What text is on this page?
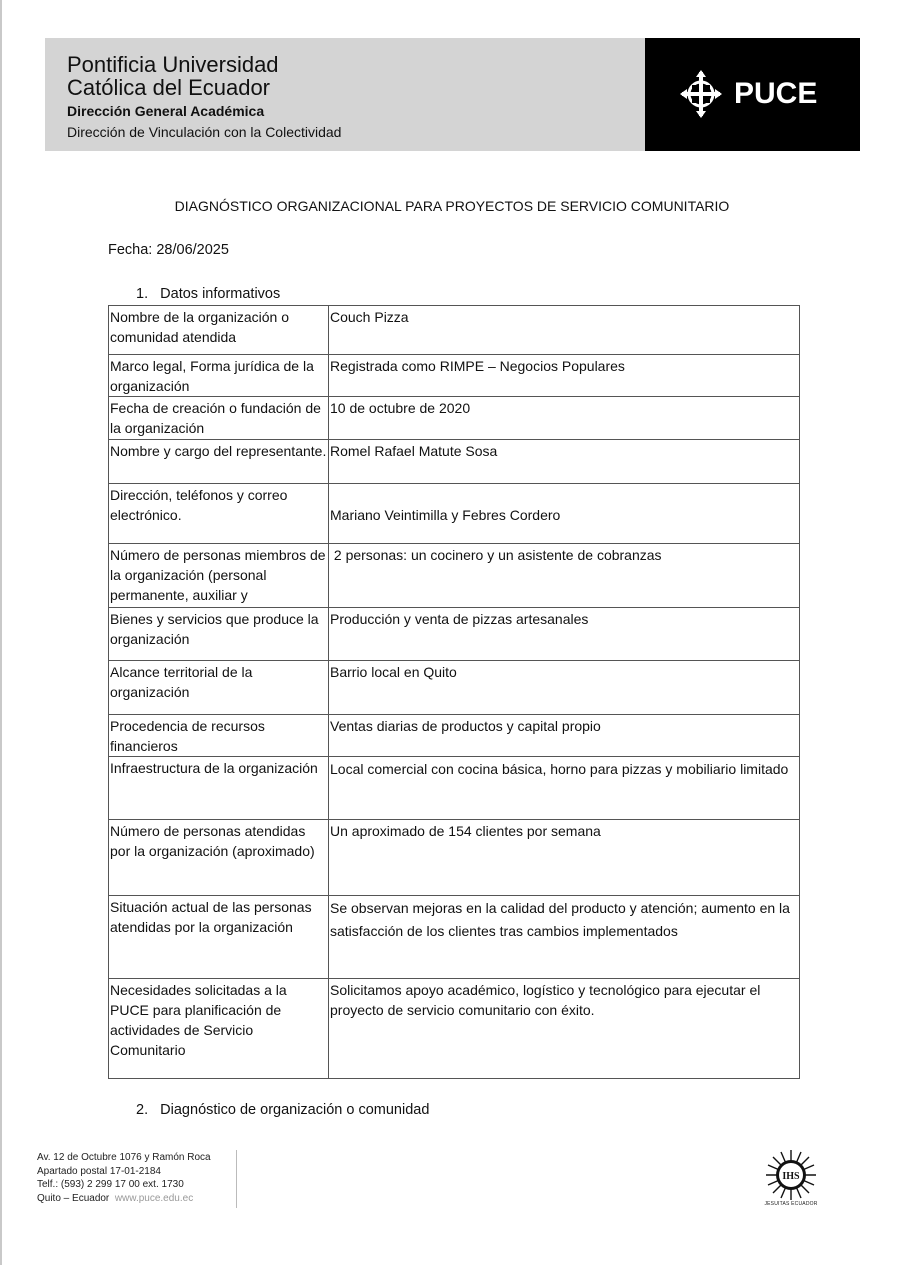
Pontificia Universidad
Católica del Ecuador
Dirección General Académica
Dirección de Vinculación con la Colectividad
PUCE
DIAGNÓSTICO ORGANIZACIONAL PARA PROYECTOS DE SERVICIO COMUNITARIO
Fecha: 28/06/2025
1.   Datos informativos
Nombre de la organización o comunidad atendida	Couch Pizza
Marco legal, Forma jurídica de la organización	Registrada como RIMPE – Negocios Populares
Fecha de creación o fundación de la organización	10 de octubre de 2020
Nombre y cargo del representante.	Romel Rafael Matute Sosa
Dirección, teléfonos y correo electrónico.	Mariano Veintimilla y Febres Cordero

Número de personas miembros de la organización (personal permanente, auxiliar y	2 personas: un cocinero y un asistente de cobranzas
Bienes y servicios que produce la organización	Producción y venta de pizzas artesanales
Alcance territorial de la organización	Barrio local en Quito
Procedencia de recursos financieros	Ventas diarias de productos y capital propio
Infraestructura de la organización	Local comercial con cocina básica, horno para pizzas y mobiliario limitado
Número de personas atendidas por la organización (aproximado)	Un aproximado de 154 clientes por semana
Situación actual de las personas atendidas por la organización	Se observan mejoras en la calidad del producto y atención; aumento en la satisfacción de los clientes tras cambios implementados
Necesidades solicitadas a la PUCE para planificación de actividades de Servicio Comunitario	Solicitamos apoyo académico, logístico y tecnológico para ejecutar el proyecto de servicio comunitario con éxito.
2.   Diagnóstico de organización o comunidad
Av. 12 de Octubre 1076 y Ramón Roca
Apartado postal 17-01-2184
Telf.: (593) 2 299 17 00 ext. 1730
Quito – Ecuador www.puce.edu.ec
IHS
JESUITAS ECUADOR
